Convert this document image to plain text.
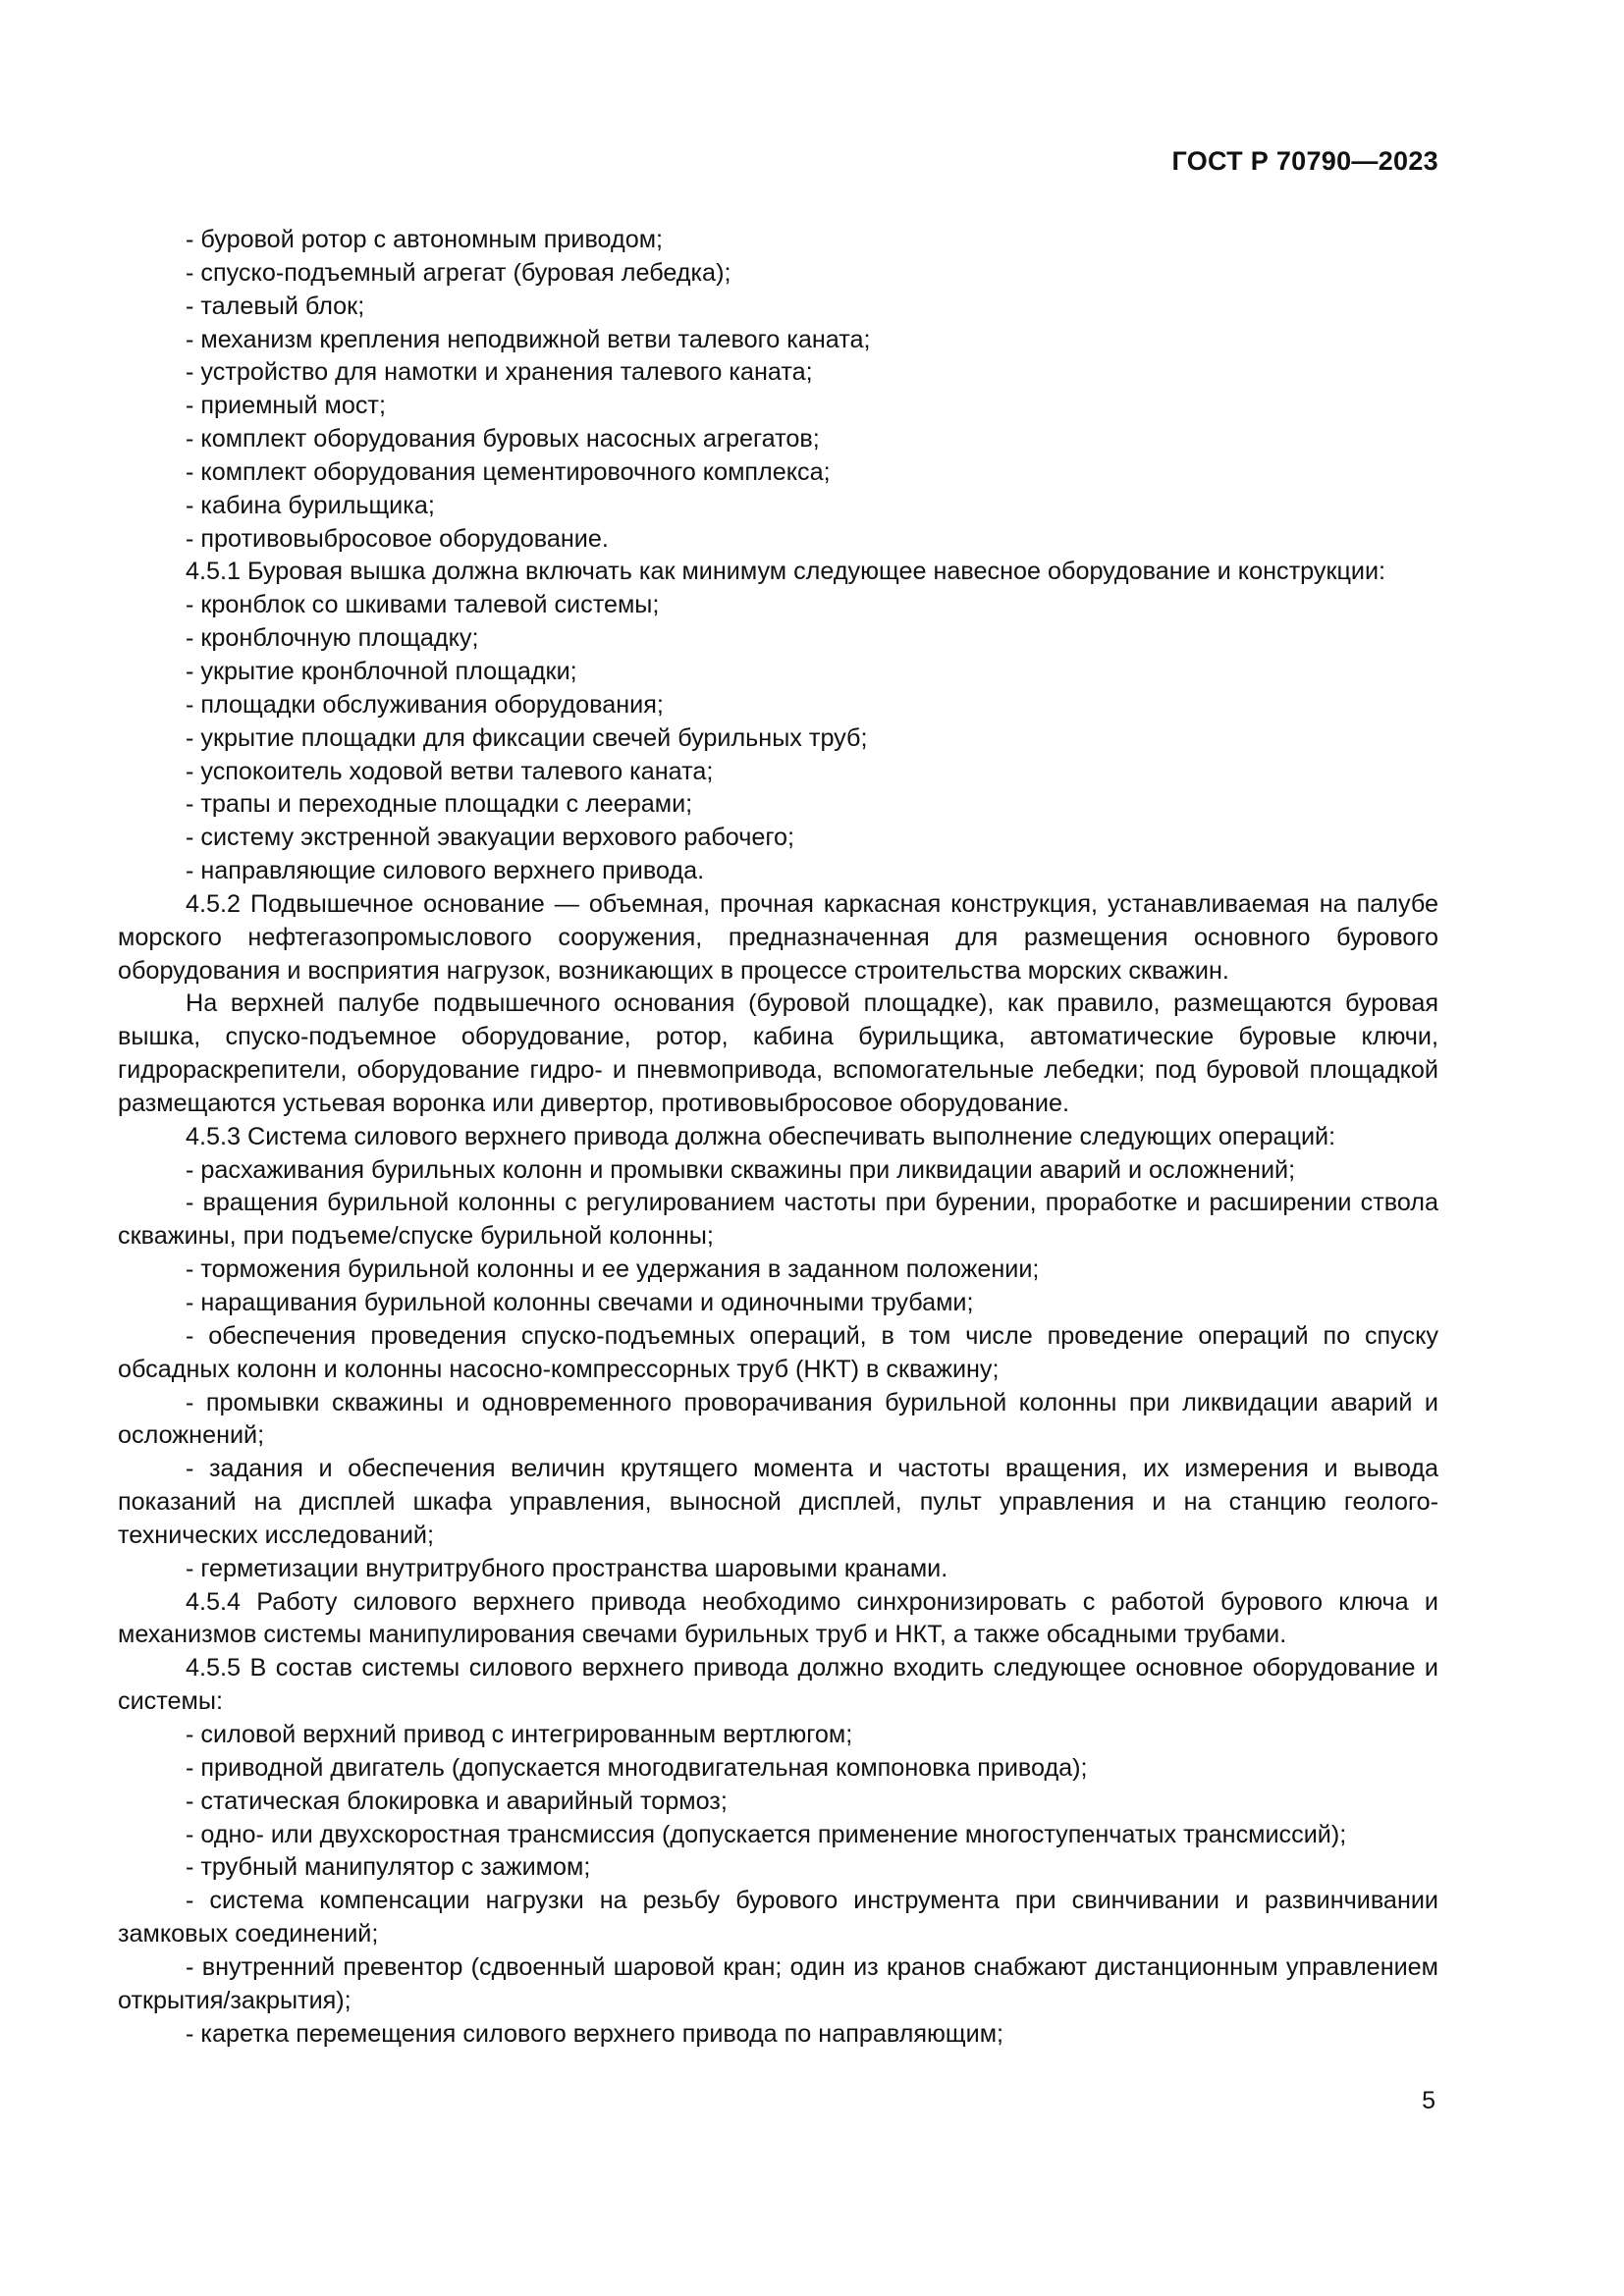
ГОСТ Р 70790—2023

- буровой ротор с автономным приводом;

- спуско-подъемный агрегат (буровая лебедка);

- талевый блок;

- механизм крепления неподвижной ветви талевого каната;

- устройство для намотки и хранения талевого каната;

- приемный мост;

- комплект оборудования буровых насосных агрегатов;

- комплект оборудования цементировочного комплекса;

- кабина бурильщика;

- противовыбросовое оборудование.

4.5.1 Буровая вышка должна включать как минимум следующее навесное оборудование и конструкции:

- кронблок со шкивами талевой системы;

- кронблочную площадку;

- укрытие кронблочной площадки;

- площадки обслуживания оборудования;

- укрытие площадки для фиксации свечей бурильных труб;

- успокоитель ходовой ветви талевого каната;

- трапы и переходные площадки с леерами;

- систему экстренной эвакуации верхового рабочего;

- направляющие силового верхнего привода.

4.5.2 Подвышечное основание — объемная, прочная каркасная конструкция, устанавливаемая на палубе морского нефтегазопромыслового сооружения, предназначенная для размещения основного бурового оборудования и восприятия нагрузок, возникающих в процессе строительства морских скважин.

На верхней палубе подвышечного основания (буровой площадке), как правило, размещаются буровая вышка, спуско-подъемное оборудование, ротор, кабина бурильщика, автоматические буровые ключи, гидрораскрепители, оборудование гидро- и пневмопривода, вспомогательные лебедки; под буровой площадкой размещаются устьевая воронка или дивертор, противовыбросовое оборудование.

4.5.3 Система силового верхнего привода должна обеспечивать выполнение следующих операций:

- расхаживания бурильных колонн и промывки скважины при ликвидации аварий и осложнений;

- вращения бурильной колонны с регулированием частоты при бурении, проработке и расширении ствола скважины, при подъеме/спуске бурильной колонны;

- торможения бурильной колонны и ее удержания в заданном положении;

- наращивания бурильной колонны свечами и одиночными трубами;

- обеспечения проведения спуско-подъемных операций, в том числе проведение операций по спуску обсадных колонн и колонны насосно-компрессорных труб (НКТ) в скважину;

- промывки скважины и одновременного проворачивания бурильной колонны при ликвидации аварий и осложнений;

- задания и обеспечения величин крутящего момента и частоты вращения, их измерения и вывода показаний на дисплей шкафа управления, выносной дисплей, пульт управления и на станцию геологотехнических исследований;

- герметизации внутритрубного пространства шаровыми кранами.

4.5.4 Работу силового верхнего привода необходимо синхронизировать с работой бурового ключа и механизмов системы манипулирования свечами бурильных труб и НКТ, а также обсадными трубами.

4.5.5 В состав системы силового верхнего привода должно входить следующее основное оборудование и системы:

- силовой верхний привод с интегрированным вертлюгом;

- приводной двигатель (допускается многодвигательная компоновка привода);

- статическая блокировка и аварийный тормоз;

- одно- или двухскоростная трансмиссия (допускается применение многоступенчатых трансмиссий);

- трубный манипулятор с зажимом;

- система компенсации нагрузки на резьбу бурового инструмента при свинчивании и развинчивании замковых соединений;

- внутренний превентор (сдвоенный шаровой кран; один из кранов снабжают дистанционным управлением открытия/закрытия);

- каретка перемещения силового верхнего привода по направляющим;

5
